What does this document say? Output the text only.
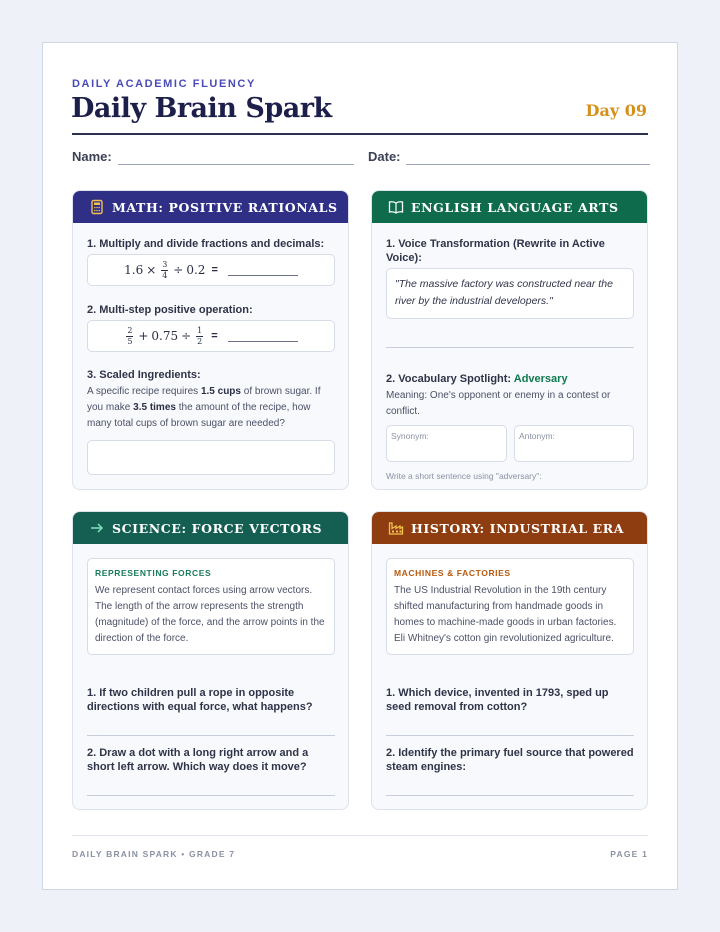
DAILY ACADEMIC FLUENCY
Daily Brain Spark	Day 09
Name:	Date:
MATH: POSITIVE RATIONALS
1. Multiply and divide fractions and decimals:
$1.6 \times \frac{3}{4} \div 0.2$ =
2. Multi-step positive operation:
$\frac{2}{5} + 0.75 \div \frac{1}{2}$ =
3. Scaled Ingredients:
A specific recipe requires 1.5 cups of brown sugar. If you make 3.5 times the amount of the recipe, how many total cups of brown sugar are needed?
ENGLISH LANGUAGE ARTS
1. Voice Transformation (Rewrite in Active Voice):
"The massive factory was constructed near the river by the industrial developers."
2. Vocabulary Spotlight: Adversary
Meaning: One's opponent or enemy in a contest or conflict.
Synonym:	Antonym:
Write a short sentence using "adversary":
SCIENCE: FORCE VECTORS
REPRESENTING FORCES
We represent contact forces using arrow vectors. The length of the arrow represents the strength (magnitude) of the force, and the arrow points in the direction of the force.
1. If two children pull a rope in opposite directions with equal force, what happens?
2. Draw a dot with a long right arrow and a short left arrow. Which way does it move?
HISTORY: INDUSTRIAL ERA
MACHINES & FACTORIES
The US Industrial Revolution in the 19th century shifted manufacturing from handmade goods in homes to machine-made goods in urban factories. Eli Whitney's cotton gin revolutionized agriculture.
1. Which device, invented in 1793, sped up seed removal from cotton?
2. Identify the primary fuel source that powered steam engines:
DAILY BRAIN SPARK • GRADE 7	PAGE 1
